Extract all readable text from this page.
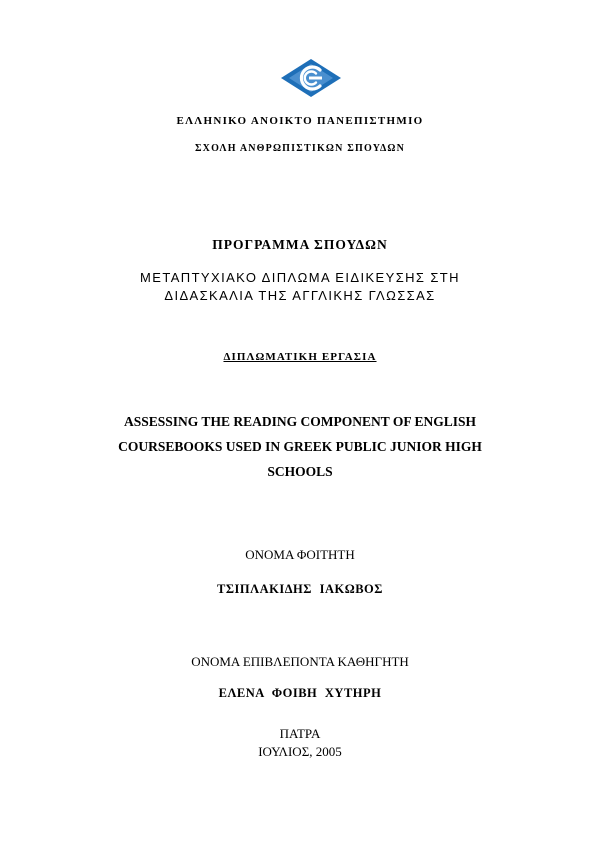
ΕΛΛΗΝΙΚΟ ΑΝΟΙΚΤΟ ΠΑΝΕΠΙΣΤΗΜΙΟ
ΣΧΟΛΗ ΑΝΘΡΩΠΙΣΤΙΚΩΝ ΣΠΟΥΔΩΝ
ΠΡΟΓΡΑΜΜΑ ΣΠΟΥΔΩΝ
ΜΕΤΑΠΤΥΧΙΑΚΟ ΔΙΠΛΩΜΑ ΕΙΔΙΚΕΥΣΗΣ ΣΤΗ
ΔΙΔΑΣΚΑΛΙΑ ΤΗΣ ΑΓΓΛΙΚΗΣ ΓΛΩΣΣΑΣ
ΔΙΠΛΩΜΑΤΙΚΗ ΕΡΓΑΣΙΑ
ASSESSING THE READING COMPONENT OF ENGLISH
COURSEBOOKS USED IN GREEK PUBLIC JUNIOR HIGH
SCHOOLS
ΟΝΟΜΑ ΦΟΙΤΗΤΗ
ΤΣΙΠΛΑΚΙΔΗΣ ΙΑΚΩΒΟΣ
ΟΝΟΜΑ ΕΠΙΒΛΕΠΟΝΤΑ ΚΑΘΗΓΗΤΗ
ΕΛΕΝΑ ΦΟΙΒΗ ΧΥΤΗΡΗ
ΠΑΤΡΑ
ΙΟΥΛΙΟΣ, 2005
